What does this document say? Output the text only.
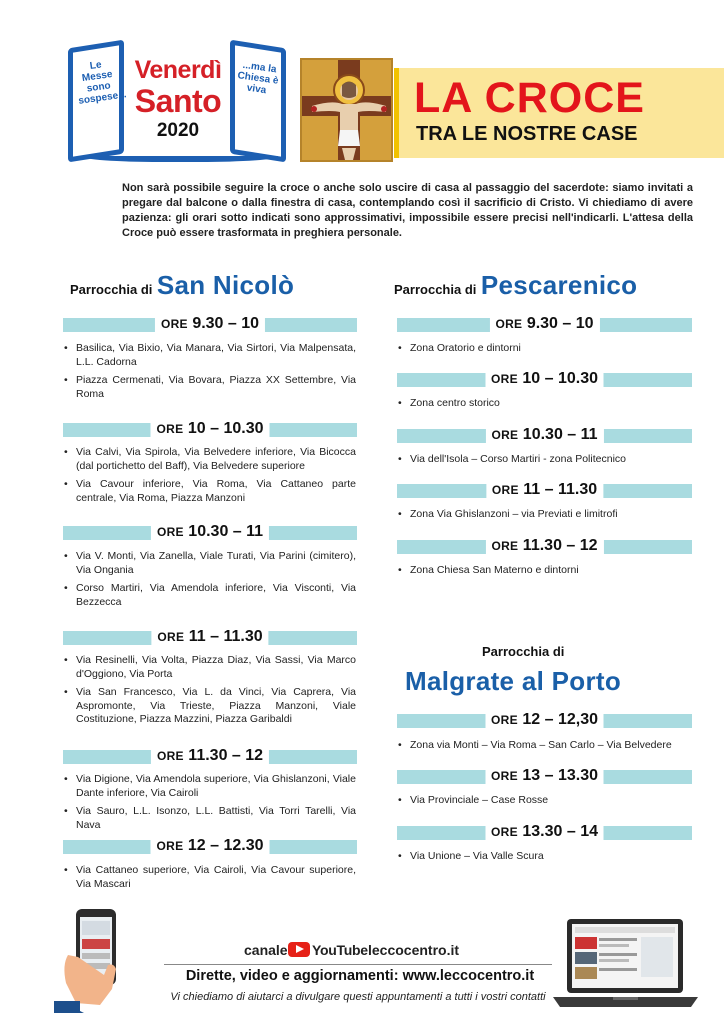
Le Messe sono sospese...
...ma la Chiesa è viva
Venerdì
Santo
2020
LA CROCE
TRA LE NOSTRE CASE

Non sarà possibile seguire la croce o anche solo uscire di casa al passaggio del sacerdote: siamo invitati a pregare dal balcone o dalla finestra di casa, contemplando così il sacrificio di Cristo. Vi chiediamo di avere pazienza: gli orari sotto indicati sono approssimativi, impossibile essere precisi nell'indicarli. L'attesa della Croce può essere trasformata in preghiera personale.

Parrocchia di San Nicolò
ORE 9.30 – 10
• Basilica, Via Bixio, Via Manara, Via Sirtori, Via Malpensata, L.L. Cadorna
• Piazza Cermenati, Via Bovara, Piazza XX Settembre, Via Roma
ORE 10 – 10.30
• Via Calvi, Via Spirola, Via Belvedere inferiore, Via Bicocca (dal portichetto del Baff), Via Belvedere superiore
• Via Cavour inferiore, Via Roma, Via Cattaneo parte centrale, Via Roma, Piazza Manzoni
ORE 10.30 – 11
• Via V. Monti, Via Zanella, Viale Turati, Via Parini (cimitero), Via Ongania
• Corso Martiri, Via Amendola inferiore, Via Visconti, Via Bezzecca
ORE 11 – 11.30
• Via Resinelli, Via Volta, Piazza Diaz, Via Sassi, Via Marco d'Oggiono, Via Porta
• Via San Francesco, Via L. da Vinci, Via Caprera, Via Aspromonte, Via Trieste, Piazza Manzoni, Viale Costituzione, Piazza Mazzini, Piazza Garibaldi
ORE 11.30 – 12
• Via Digione, Via Amendola superiore, Via Ghislanzoni, Viale Dante inferiore, Via Cairoli
• Via Sauro, L.L. Isonzo, L.L. Battisti, Via Torri Tarelli, Via Nava
ORE 12 – 12.30
• Via Cattaneo superiore, Via Cairoli, Via Cavour superiore, Via Mascari
Parrocchia di Pescarenico
ORE 9.30 – 10
• Zona Oratorio e dintorni
ORE 10 – 10.30
• Zona centro storico
ORE 10.30 – 11
• Via dell'Isola – Corso Martiri - zona Politecnico
ORE 11 – 11.30
• Zona Via Ghislanzoni – via Previati e limitrofi
ORE 11.30 – 12
• Zona Chiesa San Materno e dintorni
Parrocchia di
Malgrate al Porto
ORE 12 – 12,30
• Zona via Monti – Via Roma – San Carlo – Via Belvedere
ORE 13 – 13.30
• Via Provinciale – Case Rosse
ORE 13.30 – 14
• Via Unione – Via Valle Scura
canale YouTube leccocentro.it
Dirette, video e aggiornamenti: www.leccocentro.it
Vi chiediamo di aiutarci a divulgare questi appuntamenti a tutti i vostri contatti
